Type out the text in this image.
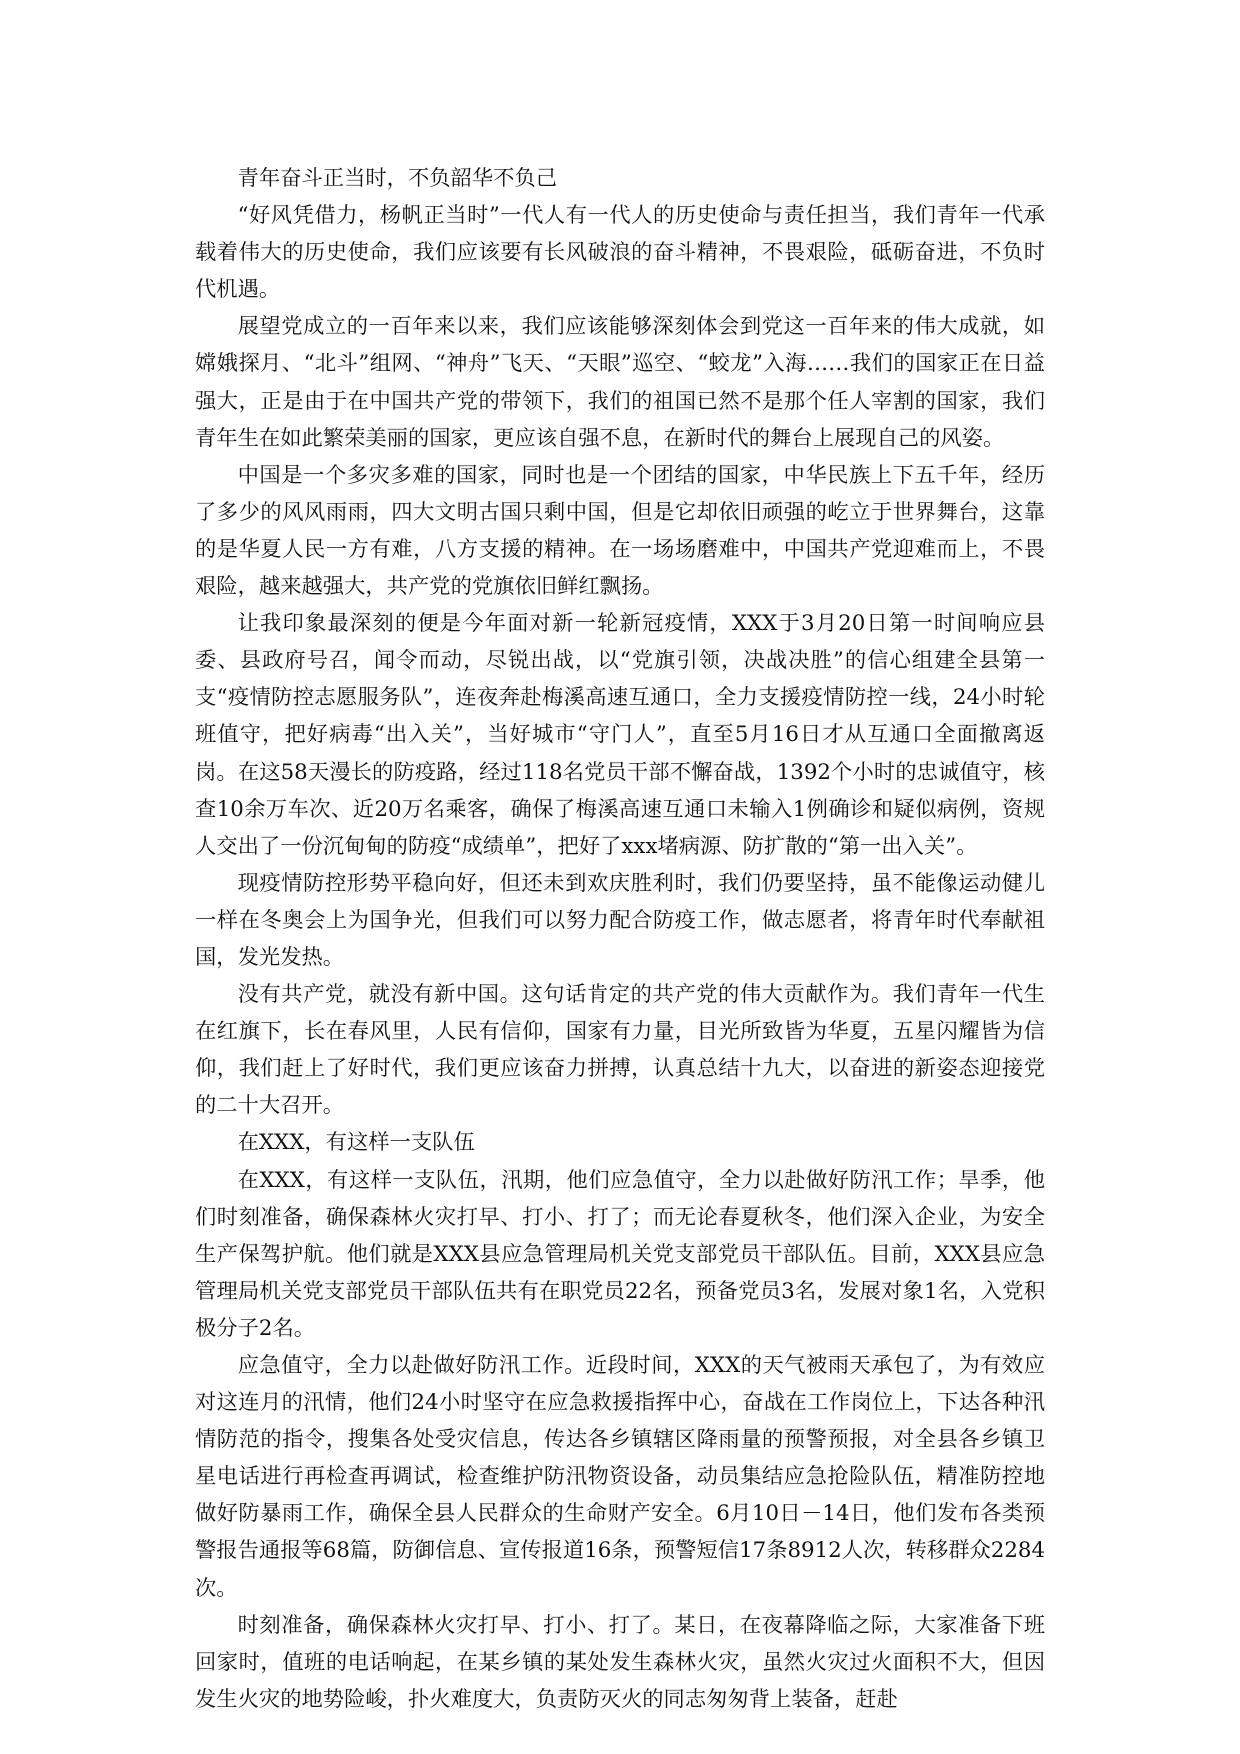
青年奋斗正当时，不负韶华不负己

“好风凭借力，杨帆正当时”一代人有一代人的历史使命与责任担当，我们青年一代承载着伟大的历史使命，我们应该要有长风破浪的奋斗精神，不畏艰险，砥砺奋进，不负时代机遇。

展望党成立的一百年来以来，我们应该能够深刻体会到党这一百年来的伟大成就，如嫦娥探月、“北斗”组网、“神舟”飞天、“天眼”巡空、“蛟龙”入海……我们的国家正在日益强大，正是由于在中国共产党的带领下，我们的祖国已然不是那个任人宰割的国家，我们青年生在如此繁荣美丽的国家，更应该自强不息，在新时代的舞台上展现自己的风姿。

中国是一个多灾多难的国家，同时也是一个团结的国家，中华民族上下五千年，经历了多少的风风雨雨，四大文明古国只剩中国，但是它却依旧顽强的屹立于世界舞台，这靠的是华夏人民一方有难，八方支援的精神。在一场场磨难中，中国共产党迎难而上，不畏艰险，越来越强大，共产党的党旗依旧鲜红飘扬。

让我印象最深刻的便是今年面对新一轮新冠疫情，XXX于3月20日第一时间响应县委、县政府号召，闻令而动，尽锐出战，以“党旗引领，决战决胜”的信心组建全县第一支“疫情防控志愿服务队”，连夜奔赴梅溪高速互通口，全力支援疫情防控一线，24小时轮班值守，把好病毒“出入关”，当好城市“守门人”，直至5月16日才从互通口全面撤离返岗。在这58天漫长的防疫路，经过118名党员干部不懈奋战，1392个小时的忠诚值守，核查10余万车次、近20万名乘客，确保了梅溪高速互通口未输入1例确诊和疑似病例，资规人交出了一份沉甸甸的防疫“成绩单”，把好了xxx堵病源、防扩散的“第一出入关”。

现疫情防控形势平稳向好，但还未到欢庆胜利时，我们仍要坚持，虽不能像运动健儿一样在冬奥会上为国争光，但我们可以努力配合防疫工作，做志愿者，将青年时代奉献祖国，发光发热。

没有共产党，就没有新中国。这句话肯定的共产党的伟大贡献作为。我们青年一代生在红旗下，长在春风里，人民有信仰，国家有力量，目光所致皆为华夏，五星闪耀皆为信仰，我们赶上了好时代，我们更应该奋力拼搏，认真总结十九大，以奋进的新姿态迎接党的二十大召开。

在XXX，有这样一支队伍

在XXX，有这样一支队伍，汛期，他们应急值守，全力以赴做好防汛工作；旱季，他们时刻准备，确保森林火灾打早、打小、打了；而无论春夏秋冬，他们深入企业，为安全生产保驾护航。他们就是XXX县应急管理局机关党支部党员干部队伍。目前，XXX县应急管理局机关党支部党员干部队伍共有在职党员22名，预备党员3名，发展对象1名，入党积极分子2名。

应急值守，全力以赴做好防汛工作。近段时间，XXX的天气被雨天承包了，为有效应对这连月的汛情，他们24小时坚守在应急救援指挥中心，奋战在工作岗位上，下达各种汛情防范的指令，搜集各处受灾信息，传达各乡镇辖区降雨量的预警预报，对全县各乡镇卫星电话进行再检查再调试，检查维护防汛物资设备，动员集结应急抢险队伍，精准防控地做好防暴雨工作，确保全县人民群众的生命财产安全。6月10日－14日，他们发布各类预警报告通报等68篇，防御信息、宣传报道16条，预警短信17条8912人次，转移群众2284次。

时刻准备，确保森林火灾打早、打小、打了。某日，在夜幕降临之际，大家准备下班回家时，值班的电话响起，在某乡镇的某处发生森林火灾，虽然火灾过火面积不大，但因发生火灾的地势险峻，扑火难度大，负责防灭火的同志匆匆背上装备，赶赴
